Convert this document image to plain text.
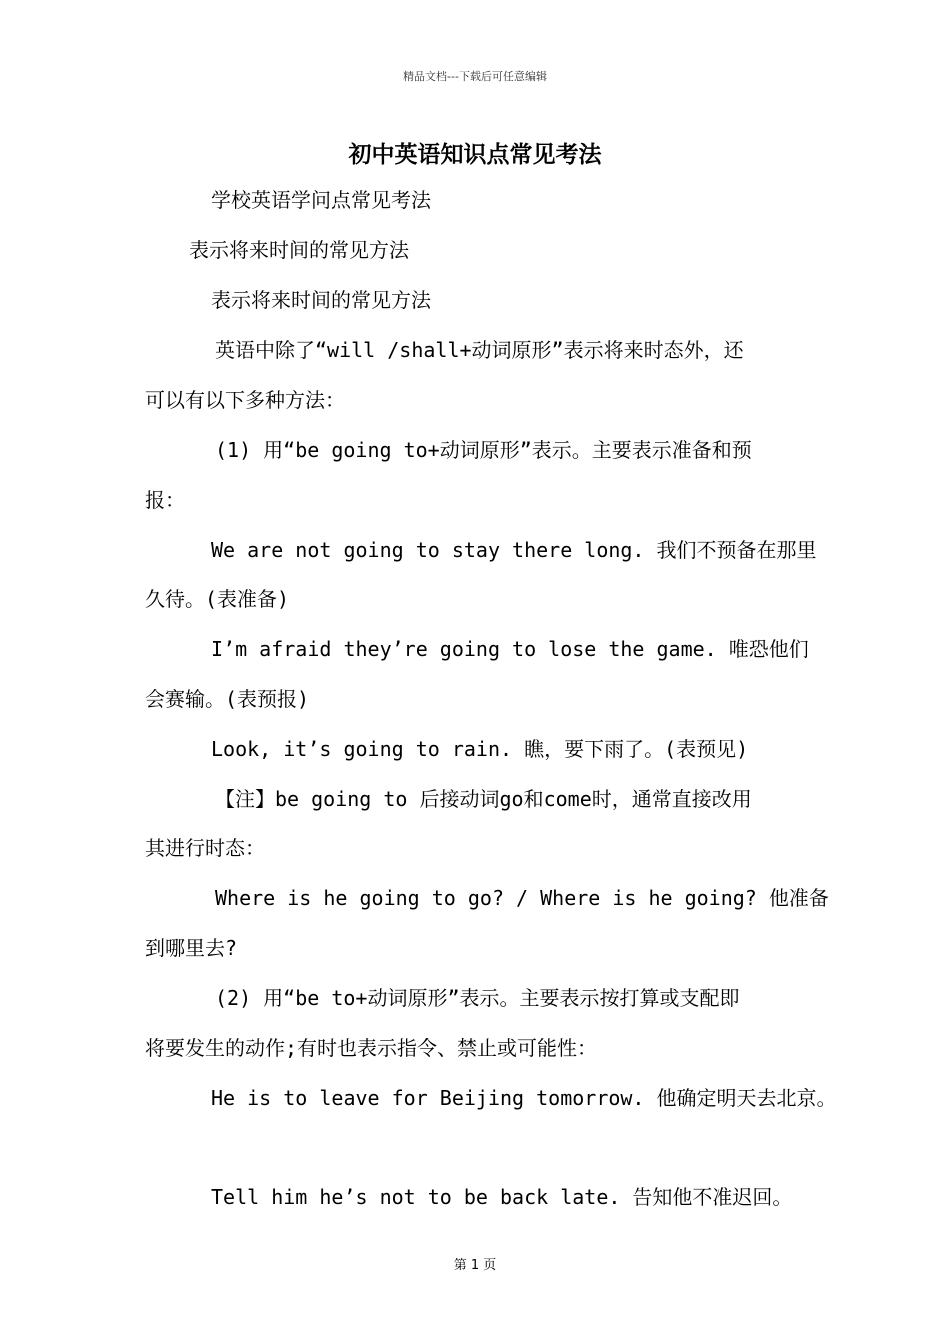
精品文档---下载后可任意编辑
初中英语知识点常见考法
学校英语学问点常见考法
表示将来时间的常见方法
表示将来时间的常见方法
英语中除了“will /shall+动词原形”表示将来时态外，还
可以有以下多种方法：
(1) 用“be going to+动词原形”表示。主要表示准备和预
报：
We are not going to stay there long. 我们不预备在那里
久待。(表准备)
I’m afraid they’re going to lose the game. 唯恐他们
会赛输。(表预报)
Look, it’s going to rain. 瞧，要下雨了。(表预见)
【注】be going to 后接动词go和come时，通常直接改用
其进行时态：
Where is he going to go? / Where is he going? 他准备
到哪里去?
(2) 用“be to+动词原形”表示。主要表示按打算或支配即
将要发生的动作;有时也表示指令、禁止或可能性：
He is to leave for Beijing tomorrow. 他确定明天去北京。
Tell him he’s not to be back late. 告知他不准迟回。
第 1 页
